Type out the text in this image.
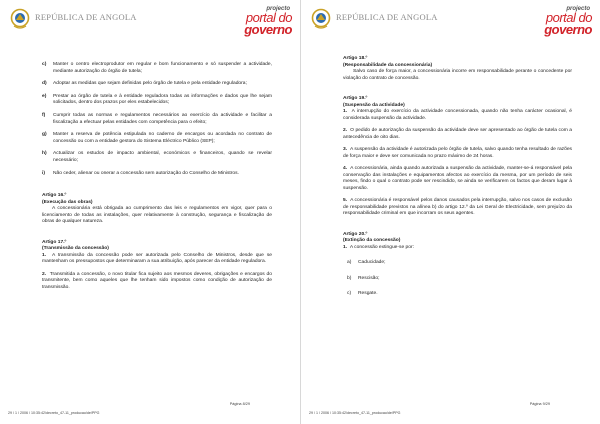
REPÚBLICA DE ANGOLA
projecto
portal do
governo
c) Manter o centro electroprodutor em regular e bom funcionamento e só suspender a actividade, mediante autorização do órgão de tutela;
d) Adoptar as medidas que sejam definidas pelo órgão de tutela e pela entidade reguladora;
e) Prestar ao órgão de tutela e à entidade reguladora todas as informações e dados que lhe sejam solicitados, dentro dos prazos por eles estabelecidos;
f) Cumprir todas as normas e regulamentos necessários ao exercício da actividade e facilitar a fiscalização a efectuar pelas entidades com competência para o efeito;
g) Manter a reserva de potência estipulada no caderno de encargos ou acordada no contrato de concessão ou com a entidade gestora do Sistema Eléctrico Público (SEP);
h) Actualizar os estudos de impacto ambiental, económicos e financeiros, quando se revelar necessário;
i) Não ceder, alienar ou onerar a concessão sem autorização do Conselho de Ministros.

Artigo 16.º

(Execução das obras)

A concessionária está obrigada ao cumprimento das leis e regulamentos em vigor, quer para o licenciamento de todas as instalações, quer relativamente à construção, segurança e fiscalização de obras de qualquer natureza.

Artigo 17.º

(Transmissão da concessão)

1. A transmissão da concessão pode ser autorizada pelo Conselho de Ministros, desde que se mantenham os pressupostos que determinaram a sua atribuição, após parecer da entidade reguladora.

2. Transmitida a concessão, o novo titular fica sujeito aos mesmos deveres, obrigações e encargos do transmitente, bem como aqueles que lhe tenham sido impostos como condição de autorização de transmissão.

Página 8/29
29 / 1 / 2006 / 10:35:42/decreto_47-11_producao/de/PPG
REPÚBLICA DE ANGOLA
projecto
portal do
governo

Artigo 18.º

(Responsabilidade da concessionária)

Salvo caso de força maior, a concessionária incorre em responsabilidade perante o concedente por violação do contrato de concessão.

Artigo 19.º

(Suspensão da actividade)

1. A interrupção do exercício da actividade concessionada, quando não tenha carácter ocasional, é considerada suspensão da actividade.

2. O pedido de autorização da suspensão da actividade deve ser apresentado ao órgão de tutela com a antecedência de oito dias.

3. A suspensão da actividade é autorizada pelo órgão de tutela, salvo quando tenha resultado de razões de força maior e deve ser comunicada no prazo máximo de 24 horas.

4. A concessionária, ainda quando autorizada a suspensão da actividade, manter-se-á responsável pela conservação das instalações e equipamentos afectos ao exercício da mesma, por um período de seis meses, findo o qual o contrato pode ser rescindido, se ainda se verificarem os factos que deram lugar à suspensão.

5. A concessionária é responsável pelos danos causados pela interrupção, salvo nos casos de exclusão de responsabilidade previstos na alínea b) do artigo 12.º da Lei Geral de Electricidade, sem prejuízo da responsabilidade criminal em que incorram os seus agentes.

Artigo 20.º

(Extinção da concessão)

1. A concessão extingue-se por:

a) Caducidade;
b) Rescisão;
c) Resgate.
Página 9/29
29 / 1 / 2006 / 10:35:42/decreto_47-11_producao/de/PPG
